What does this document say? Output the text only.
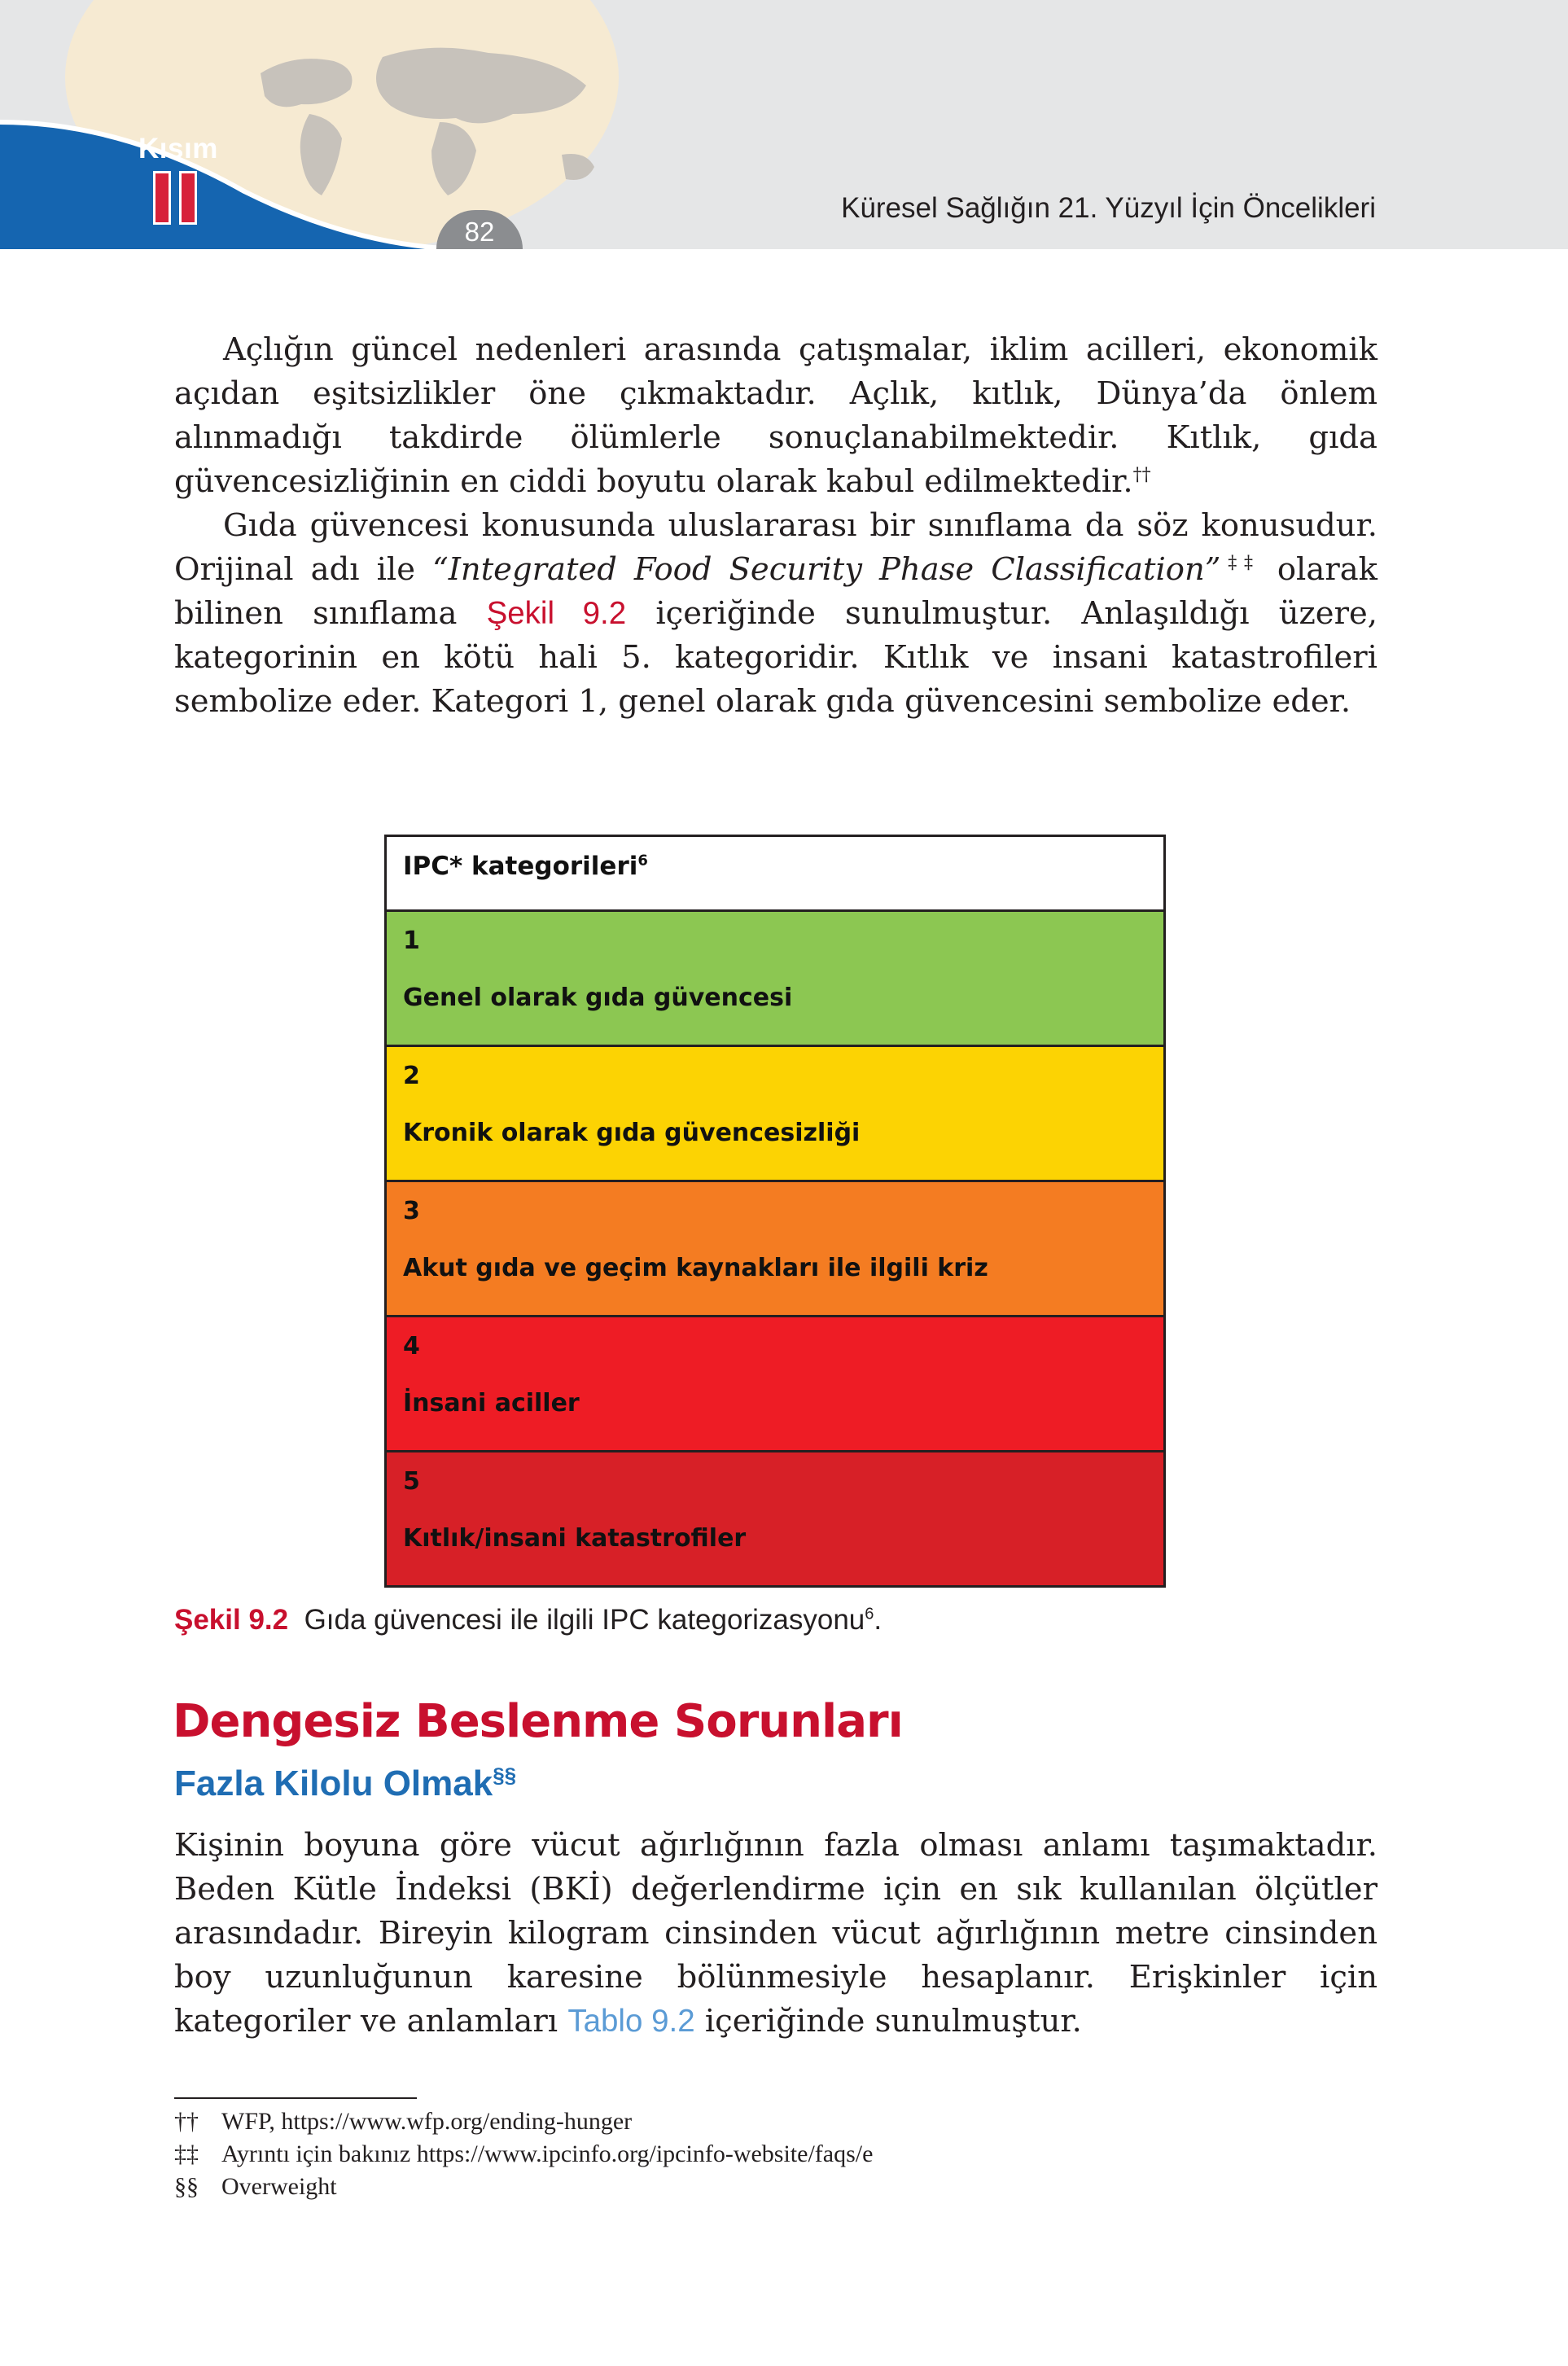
Kısım
82
Küresel Sağlığın 21. Yüzyıl İçin Öncelikleri

Açlığın güncel nedenleri arasında çatışmalar, iklim acilleri, ekonomik açıdan eşitsizlikler öne çıkmaktadır. Açlık, kıtlık, Dünya’da önlem alınmadığı takdirde ölümlerle sonuçlanabilmektedir. Kıtlık, gıda güvencesizliğinin en ciddi boyutu olarak kabul edilmektedir.††

Gıda güvencesi konusunda uluslararası bir sınıflama da söz konusudur. Orijinal adı ile “Integrated Food Security Phase Classification”‡‡ olarak bilinen sınıflama Şekil 9.2 içeriğinde sunulmuştur. Anlaşıldığı üzere, kategorinin en kötü hali 5. kategoridir. Kıtlık ve insani katastrofileri sembolize eder. Kategori 1, genel olarak gıda güvencesini sembolize eder.

IPC* kategorileri$^6$
1
Genel olarak gıda güvencesi
2
Kronik olarak gıda güvencesizliği
3
Akut gıda ve geçim kaynakları ile ilgili kriz
4
İnsani aciller
5
Kıtlık/insani katastrofiler
Şekil 9.2 Gıda güvencesi ile ilgili IPC kategorizasyonu$^6$.
Dengesiz Beslenme Sorunları
Fazla Kilolu Olmak§§

Kişinin boyuna göre vücut ağırlığının fazla olması anlamı taşımaktadır. Beden Kütle İndeksi (BKİ) değerlendirme için en sık kullanılan ölçütler arasındadır. Bireyin kilogram cinsinden vücut ağırlığının metre cinsinden boy uzunluğunun karesine bölünmesiyle hesaplanır. Erişkinler için kategoriler ve anlamları Tablo 9.2 içeriğinde sunulmuştur.

†† WFP, https://www.wfp.org/ending-hunger
‡‡ Ayrıntı için bakınız https://www.ipcinfo.org/ipcinfo-website/faqs/e
§§ Overweight
